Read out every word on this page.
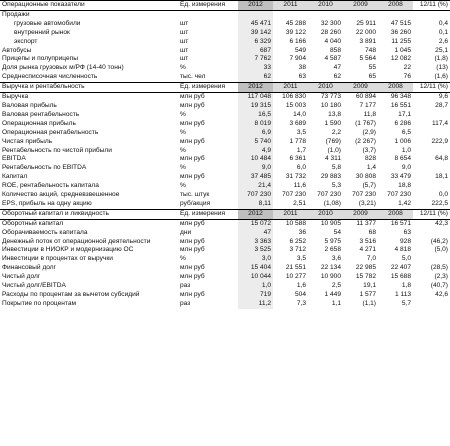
Операционные показатели	Ед. измерения	2012	2011	2010	2009	2008	12/11 (%)
Продажи							
грузовые автомобили	шт	45 471	45 288	32 300	25 911	47 515	0,4
внутренний рынок	шт	39 142	39 122	28 260	22 000	36 260	0,1
экспорт	шт	6 329	6 166	4 040	3 891	11 255	2,6
Автобусы	шт	687	549	858	748	1 045	25,1
Прицепы и полуприцепы	шт	7 762	7 904	4 587	5 564	12 082	(1,8)
Доля рынка грузовых м/РФ (14-40 тонн)	%	33	38	47	55	22	(13)
Среднесписочная численность	тыс. чел	62	63	62	65	76	(1,6)
Выручка и рентабельность	Ед. измерения	2012	2011	2010	2009	2008	12/11 (%)
Выручка	млн руб	117 048	106 830	73 773	60 894	96 348	9,6
Валовая прибыль	млн руб	19 315	15 003	10 180	7 177	16 551	28,7
Валовая рентабельность	%	16,5	14,0	13,8	11,8	17,1	
Операционная прибыль	млн руб	8 019	3 689	1 590	(1 767)	6 286	117,4
Операционная рентабельность	%	6,9	3,5	2,2	(2,9)	6,5	
Чистая прибыль	млн руб	5 740	1 778	(769)	(2 267)	1 006	222,9
Рентабельность по чистой прибыли	%	4,9	1,7	(1,0)	(3,7)	1,0	
EBITDA	млн руб	10 484	6 361	4 311	828	8 654	64,8
Рентабельность по EBITDA	%	9,0	6,0	5,8	1,4	9,0	
Капитал	млн руб	37 485	31 732	29 883	30 808	33 479	18,1
ROE, рентабельность капитала	%	21,4	11,6	5,3	(5,7)	18,8	
Количество акций, средневзвешенное	тыс. штук	707 230	707 230	707 230	707 230	707 230	0,0
EPS, прибыль на одну акцию	руб/акция	8,11	2,51	(1,08)	(3,21)	1,42	222,5
Оборотный капитал и ликвидность	Ед. измерения	2012	2011	2010	2009	2008	12/11 (%)
Оборотный капитал	млн руб	15 072	10 588	10 905	11 377	16 571	42,3
Оборачиваемость капитала	дни	47	36	54	68	63	
Денежный поток от операционной деятельности	млн руб	3 363	6 252	5 975	3 516	928	(46,2)
Инвестиции в НИОКР и модернизацию ОС	млн руб	3 525	3 712	2 658	4 271	4 818	(5,0)
Инвестиции в процентах от выручки	%	3,0	3,5	3,6	7,0	5,0	
Финансовый долг	млн руб	15 404	21 551	22 134	22 985	22 407	(28,5)
Чистый долг	млн руб	10 044	10 277	10 900	15 782	15 688	(2,3)
Чистый долг/EBITDA	раз	1,0	1,6	2,5	19,1	1,8	(40,7)
Расходы по процентам за вычетом субсидий	млн руб	719	504	1 449	1 577	1 113	42,6
Покрытие по процентам	раз	11,2	7,3	1,1	(1,1)	5,7	
